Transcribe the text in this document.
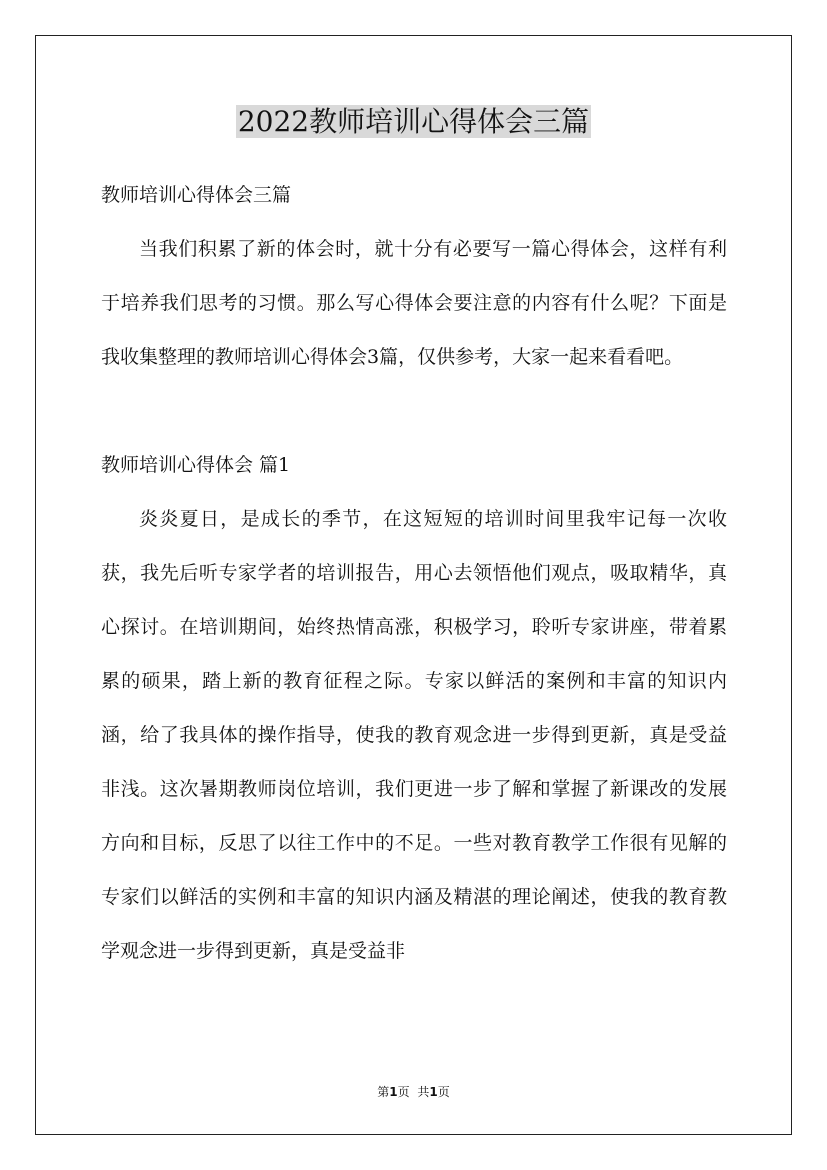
2022教师培训心得体会三篇

教师培训心得体会三篇

当我们积累了新的体会时，就十分有必要写一篇心得体会，这样有利于培养我们思考的习惯。那么写心得体会要注意的内容有什么呢？下面是我收集整理的教师培训心得体会3篇，仅供参考，大家一起来看看吧。

教师培训心得体会 篇1

炎炎夏日，是成长的季节，在这短短的培训时间里我牢记每一次收获，我先后听专家学者的培训报告，用心去领悟他们观点，吸取精华，真心探讨。在培训期间，始终热情高涨，积极学习，聆听专家讲座，带着累累的硕果，踏上新的教育征程之际。专家以鲜活的案例和丰富的知识内涵，给了我具体的操作指导，使我的教育观念进一步得到更新，真是受益非浅。这次暑期教师岗位培训，我们更进一步了解和掌握了新课改的发展方向和目标，反思了以往工作中的不足。一些对教育教学工作很有见解的专家们以鲜活的实例和丰富的知识内涵及精湛的理论阐述，使我的教育教学观念进一步得到更新，真是受益非

第1页 共1页
